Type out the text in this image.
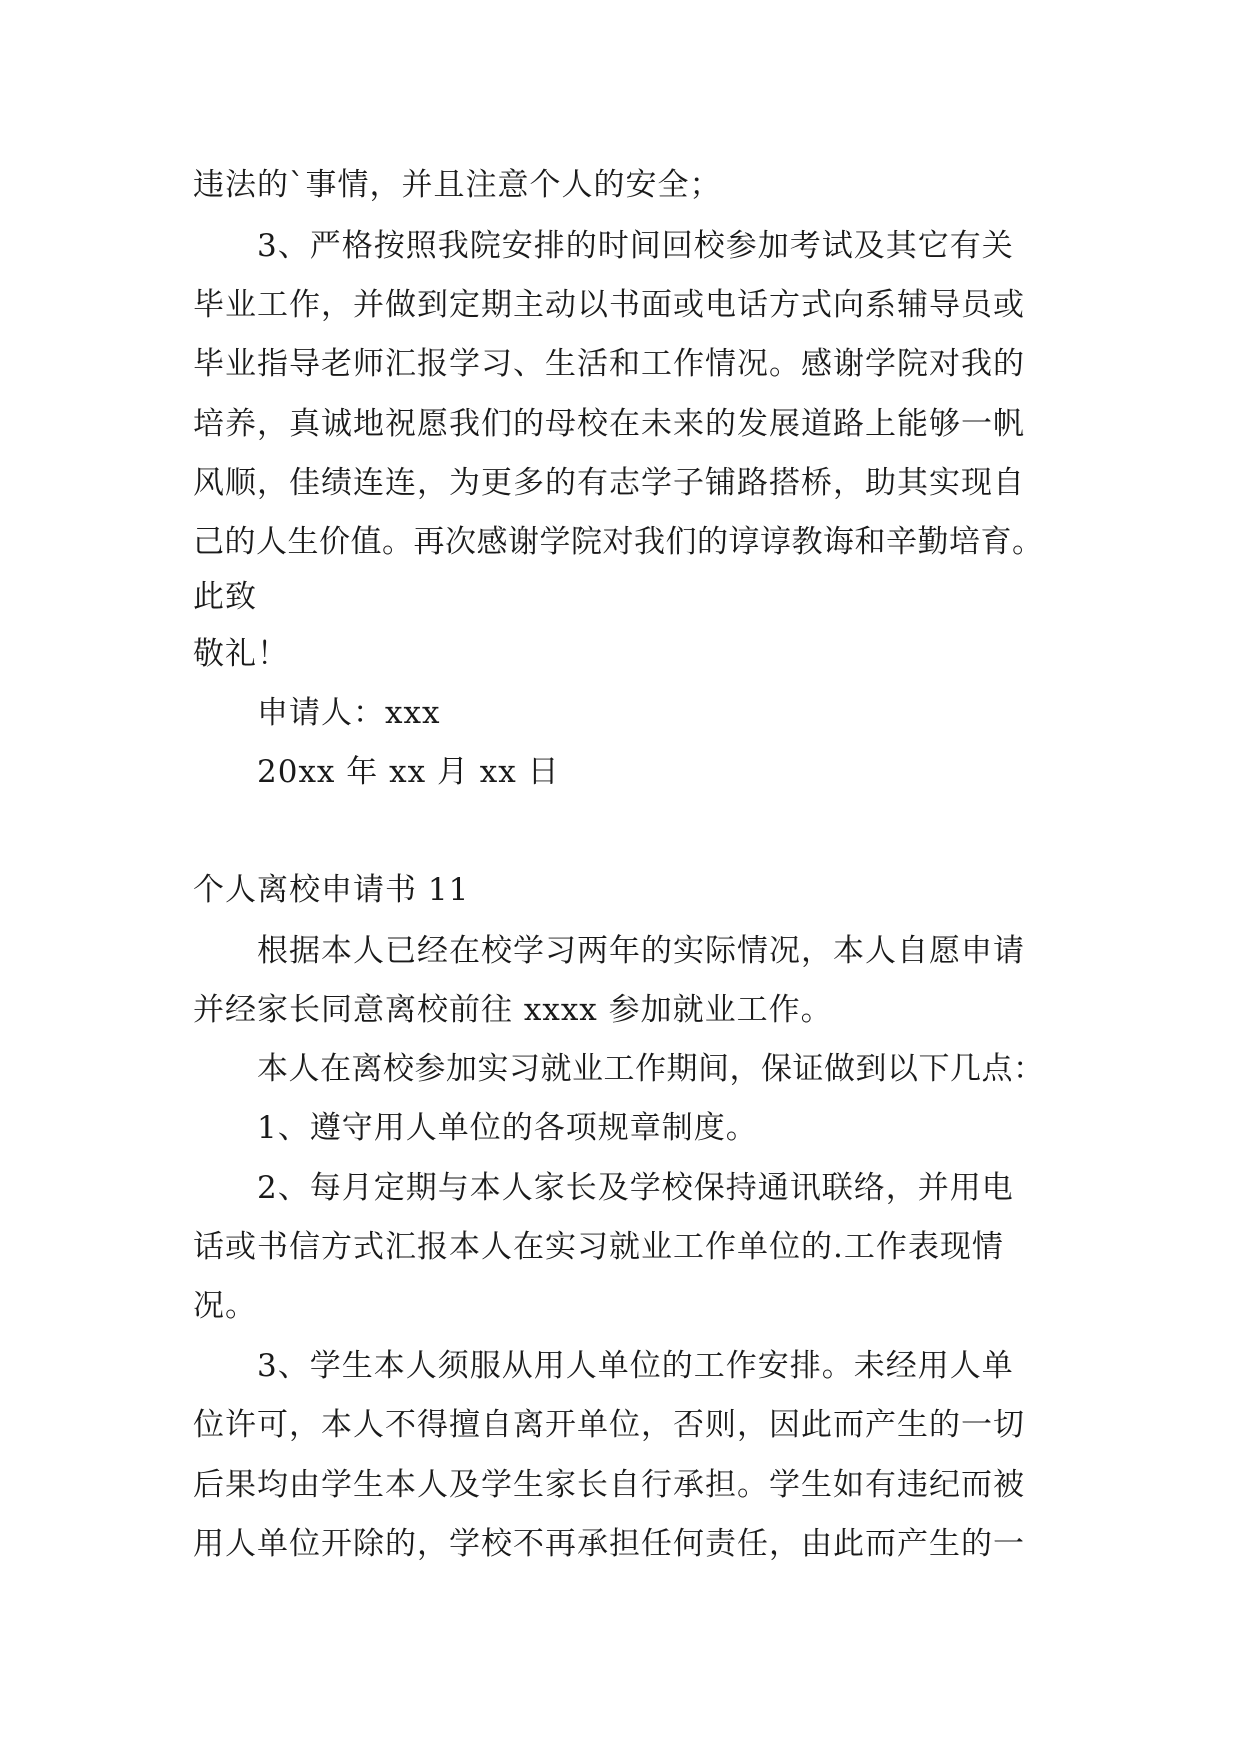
违法的`事情，并且注意个人的安全；
3、严格按照我院安排的时间回校参加考试及其它有关
毕业工作，并做到定期主动以书面或电话方式向系辅导员或
毕业指导老师汇报学习、生活和工作情况。感谢学院对我的
培养，真诚地祝愿我们的母校在未来的发展道路上能够一帆
风顺，佳绩连连，为更多的有志学子铺路搭桥，助其实现自
己的人生价值。再次感谢学院对我们的谆谆教诲和辛勤培育。
此致
敬礼！
申请人：xxx
20xx 年 xx 月 xx 日
个人离校申请书 11
根据本人已经在校学习两年的实际情况，本人自愿申请
并经家长同意离校前往 xxxx 参加就业工作。
本人在离校参加实习就业工作期间，保证做到以下几点：
1、遵守用人单位的各项规章制度。
2、每月定期与本人家长及学校保持通讯联络，并用电
话或书信方式汇报本人在实习就业工作单位的.工作表现情
况。
3、学生本人须服从用人单位的工作安排。未经用人单
位许可，本人不得擅自离开单位，否则，因此而产生的一切
后果均由学生本人及学生家长自行承担。学生如有违纪而被
用人单位开除的，学校不再承担任何责任，由此而产生的一
